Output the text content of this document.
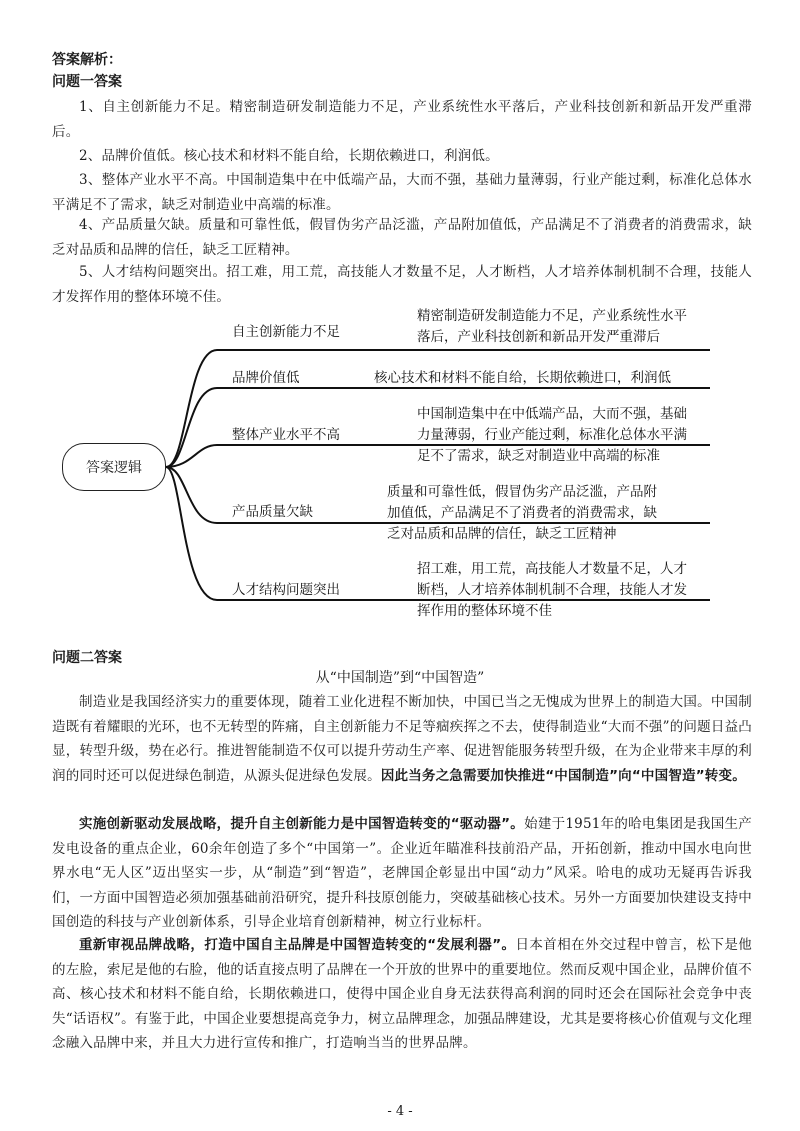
答案解析：
问题一答案
1、自主创新能力不足。精密制造研发制造能力不足，产业系统性水平落后，产业科技创新和新品开发严重滞后。
2、品牌价值低。核心技术和材料不能自给，长期依赖进口，利润低。
3、整体产业水平不高。中国制造集中在中低端产品，大而不强，基础力量薄弱，行业产能过剩，标准化总体水平满足不了需求，缺乏对制造业中高端的标准。
4、产品质量欠缺。质量和可靠性低，假冒伪劣产品泛滥，产品附加值低，产品满足不了消费者的消费需求，缺乏对品质和品牌的信任，缺乏工匠精神。
5、人才结构问题突出。招工难，用工荒，高技能人才数量不足，人才断档，人才培养体制机制不合理，技能人才发挥作用的整体环境不佳。
答案逻辑
自主创新能力不足
精密制造研发制造能力不足，产业系统性水平
落后，产业科技创新和新品开发严重滞后
品牌价值低	核心技术和材料不能自给，长期依赖进口，利润低
整体产业水平不高
中国制造集中在中低端产品，大而不强，基础
力量薄弱，行业产能过剩，标准化总体水平满
足不了需求，缺乏对制造业中高端的标准
产品质量欠缺
质量和可靠性低，假冒伪劣产品泛滥，产品附
加值低，产品满足不了消费者的消费需求，缺
乏对品质和品牌的信任，缺乏工匠精神
人才结构问题突出
招工难，用工荒，高技能人才数量不足，人才
断档，人才培养体制机制不合理，技能人才发
挥作用的整体环境不佳
问题二答案
从“中国制造”到“中国智造”
制造业是我国经济实力的重要体现，随着工业化进程不断加快，中国已当之无愧成为世界上的制造大国。中国制造既有着耀眼的光环，也不无转型的阵痛，自主创新能力不足等痼疾挥之不去，使得制造业“大而不强”的问题日益凸显，转型升级，势在必行。推进智能制造不仅可以提升劳动生产率、促进智能服务转型升级，在为企业带来丰厚的利润的同时还可以促进绿色制造，从源头促进绿色发展。因此当务之急需要加快推进“中国制造”向“中国智造”转变。
实施创新驱动发展战略，提升自主创新能力是中国智造转变的“驱动器”。始建于1951年的哈电集团是我国生产发电设备的重点企业，60余年创造了多个“中国第一”。企业近年瞄准科技前沿产品，开拓创新，推动中国水电向世界水电“无人区”迈出坚实一步，从“制造”到“智造”，老牌国企彰显出中国“动力”风采。哈电的成功无疑再告诉我们，一方面中国智造必须加强基础前沿研究，提升科技原创能力，突破基础核心技术。另外一方面要加快建设支持中国创造的科技与产业创新体系，引导企业培育创新精神，树立行业标杆。
重新审视品牌战略，打造中国自主品牌是中国智造转变的“发展利器”。日本首相在外交过程中曾言，松下是他的左脸，索尼是他的右脸，他的话直接点明了品牌在一个开放的世界中的重要地位。然而反观中国企业，品牌价值不高、核心技术和材料不能自给，长期依赖进口，使得中国企业自身无法获得高利润的同时还会在国际社会竞争中丧失“话语权”。有鉴于此，中国企业要想提高竞争力，树立品牌理念，加强品牌建设，尤其是要将核心价值观与文化理念融入品牌中来，并且大力进行宣传和推广，打造响当当的世界品牌。
- 4 -
